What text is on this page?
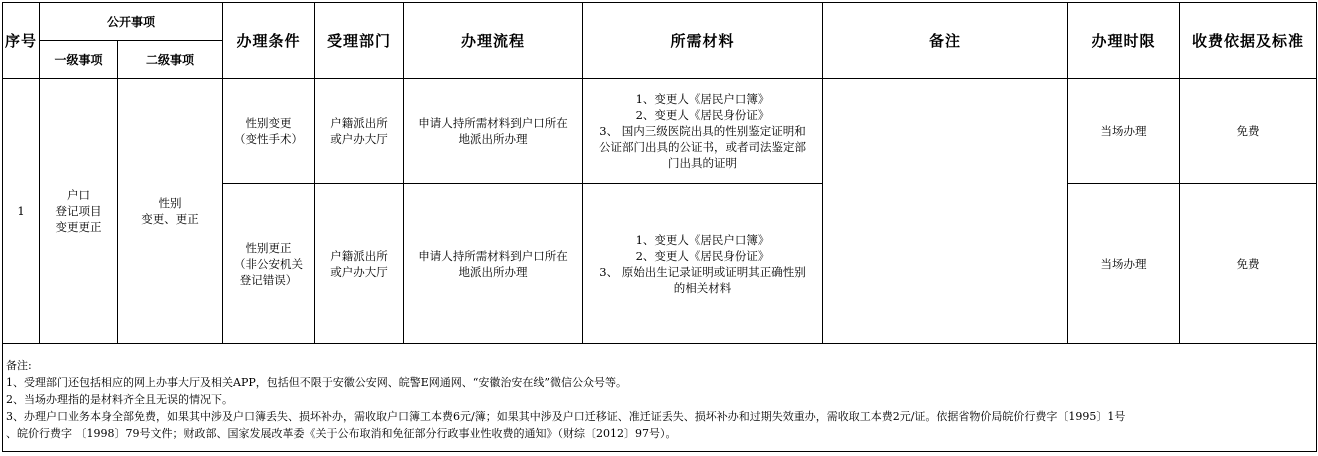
序号	公开事项		办理条件	受理部门	办理流程	所需材料	备注	办理时限	收费依据及标准
	一级事项	二级事项							
1	户口
登记项目
变更更正	性别
变更、更正	性别变更
（变性手术）	户籍派出所
或户办大厅	申请人持所需材料到户口所在
地派出所办理	1、变更人《居民户口簿》
2、变更人《居民身份证》
3、 国内三级医院出具的性别鉴定证明和
公证部门出具的公证书，或者司法鉴定部
门出具的证明		当场办理	免费

			性别更正
（非公安机关
登记错误）	户籍派出所
或户办大厅	申请人持所需材料到户口所在
地派出所办理	1、变更人《居民户口簿》
2、变更人《居民身份证》
3、 原始出生记录证明或证明其正确性别
的相关材料		当场办理	免费

备注:
1、受理部门还包括相应的网上办事大厅及相关APP，包括但不限于安徽公安网、皖警E网通网、“安徽治安在线”微信公众号等。
2、当场办理指的是材料齐全且无误的情况下。
3、办理户口业务本身全部免费，如果其中涉及户口簿丢失、损坏补办，需收取户口簿工本费6元/簿；如果其中涉及户口迁移证、准迁证丢失、损坏补办和过期失效重办，需收取工本费2元/证。依据省物价局皖价行费字〔1995〕1号
、皖价行费字 〔1998〕79号文件；财政部、国家发展改革委《关于公布取消和免征部分行政事业性收费的通知》（财综〔2012〕97号）。									
